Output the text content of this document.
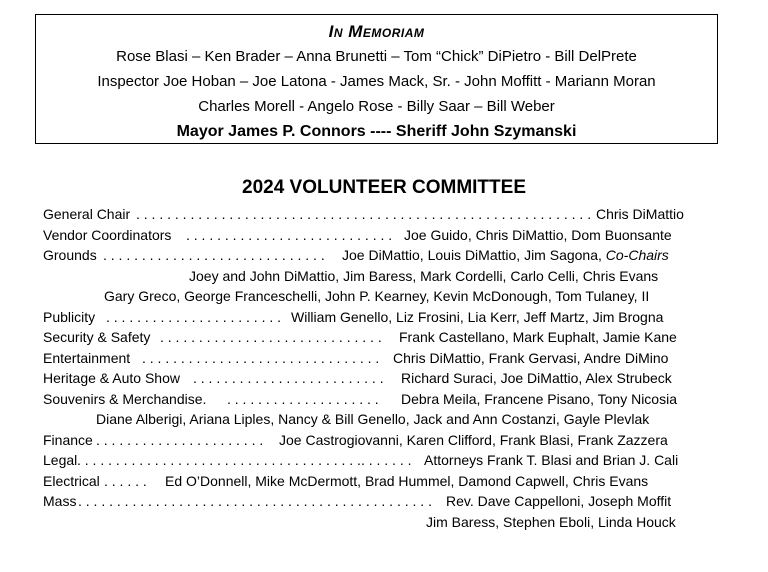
In Memoriam
Rose Blasi – Ken Brader – Anna Brunetti – Tom “Chick” DiPietro - Bill DelPrete
Inspector Joe Hoban – Joe Latona - James Mack, Sr. - John Moffitt - Mariann Moran
Charles Morell - Angelo Rose - Billy Saar – Bill Weber
Mayor James P. Connors ---- Sheriff John Szymanski
2024 VOLUNTEER COMMITTEE
General Chair . . . . . . . . . . . . . . . . . . . . . . . . . . . . . . . . . . . . . . . . . . . . . . . . . . . . . . . . . . . Chris DiMattio
Vendor Coordinators . . . . . . . . . . . . . . . . . . . . . . . . . . . Joe Guido, Chris DiMattio, Dom Buonsante
Grounds . . . . . . . . . . . . . . . . . . . . . . . . . . . . . Joe DiMattio, Louis DiMattio, Jim Sagona, Co-Chairs
Joey and John DiMattio, Jim Baress, Mark Cordelli, Carlo Celli, Chris Evans
Gary Greco, George Franceschelli, John P. Kearney, Kevin McDonough, Tom Tulaney, II
Publicity . . . . . . . . . . . . . . . . . . . . . . . William Genello, Liz Frosini, Lia Kerr, Jeff Martz, Jim Brogna
Security & Safety . . . . . . . . . . . . . . . . . . . . . . . . . . . . . Frank Castellano, Mark Euphalt, Jamie Kane
Entertainment . . . . . . . . . . . . . . . . . . . . . . . . . . . . . . . Chris DiMattio, Frank Gervasi, Andre DiMino
Heritage & Auto Show . . . . . . . . . . . . . . . . . . . . . . . . . Richard Suraci, Joe DiMattio, Alex Strubeck
Souvenirs & Merchandise. . . . . . . . . . . . . . . . . . . . . Debra Meila, Francene Pisano, Tony Nicosia
Diane Alberigi, Ariana Liples, Nancy & Bill Genello, Jack and Ann Costanzi, Gayle Plevlak
Finance . . . . . . . . . . . . . . . . . . . . . . Joe Castrogiovanni, Karen Clifford, Frank Blasi, Frank Zazzera
Legal . . . . . . . . . . . . . . . . . . . . . . . . . . . . . . . . . . . . .. . . . . . . Attorneys Frank T. Blasi and Brian J. Cali
Electrical . . . . . . Ed O’Donnell, Mike McDermott, Brad Hummel, Damond Capwell, Chris Evans
Mass . . . . . . . . . . . . . . . . . . . . . . . . . . . . . . . . . . . . . . . . . . . . . . Rev. Dave Cappelloni, Joseph Moffit
Jim Baress, Stephen Eboli, Linda Houck
